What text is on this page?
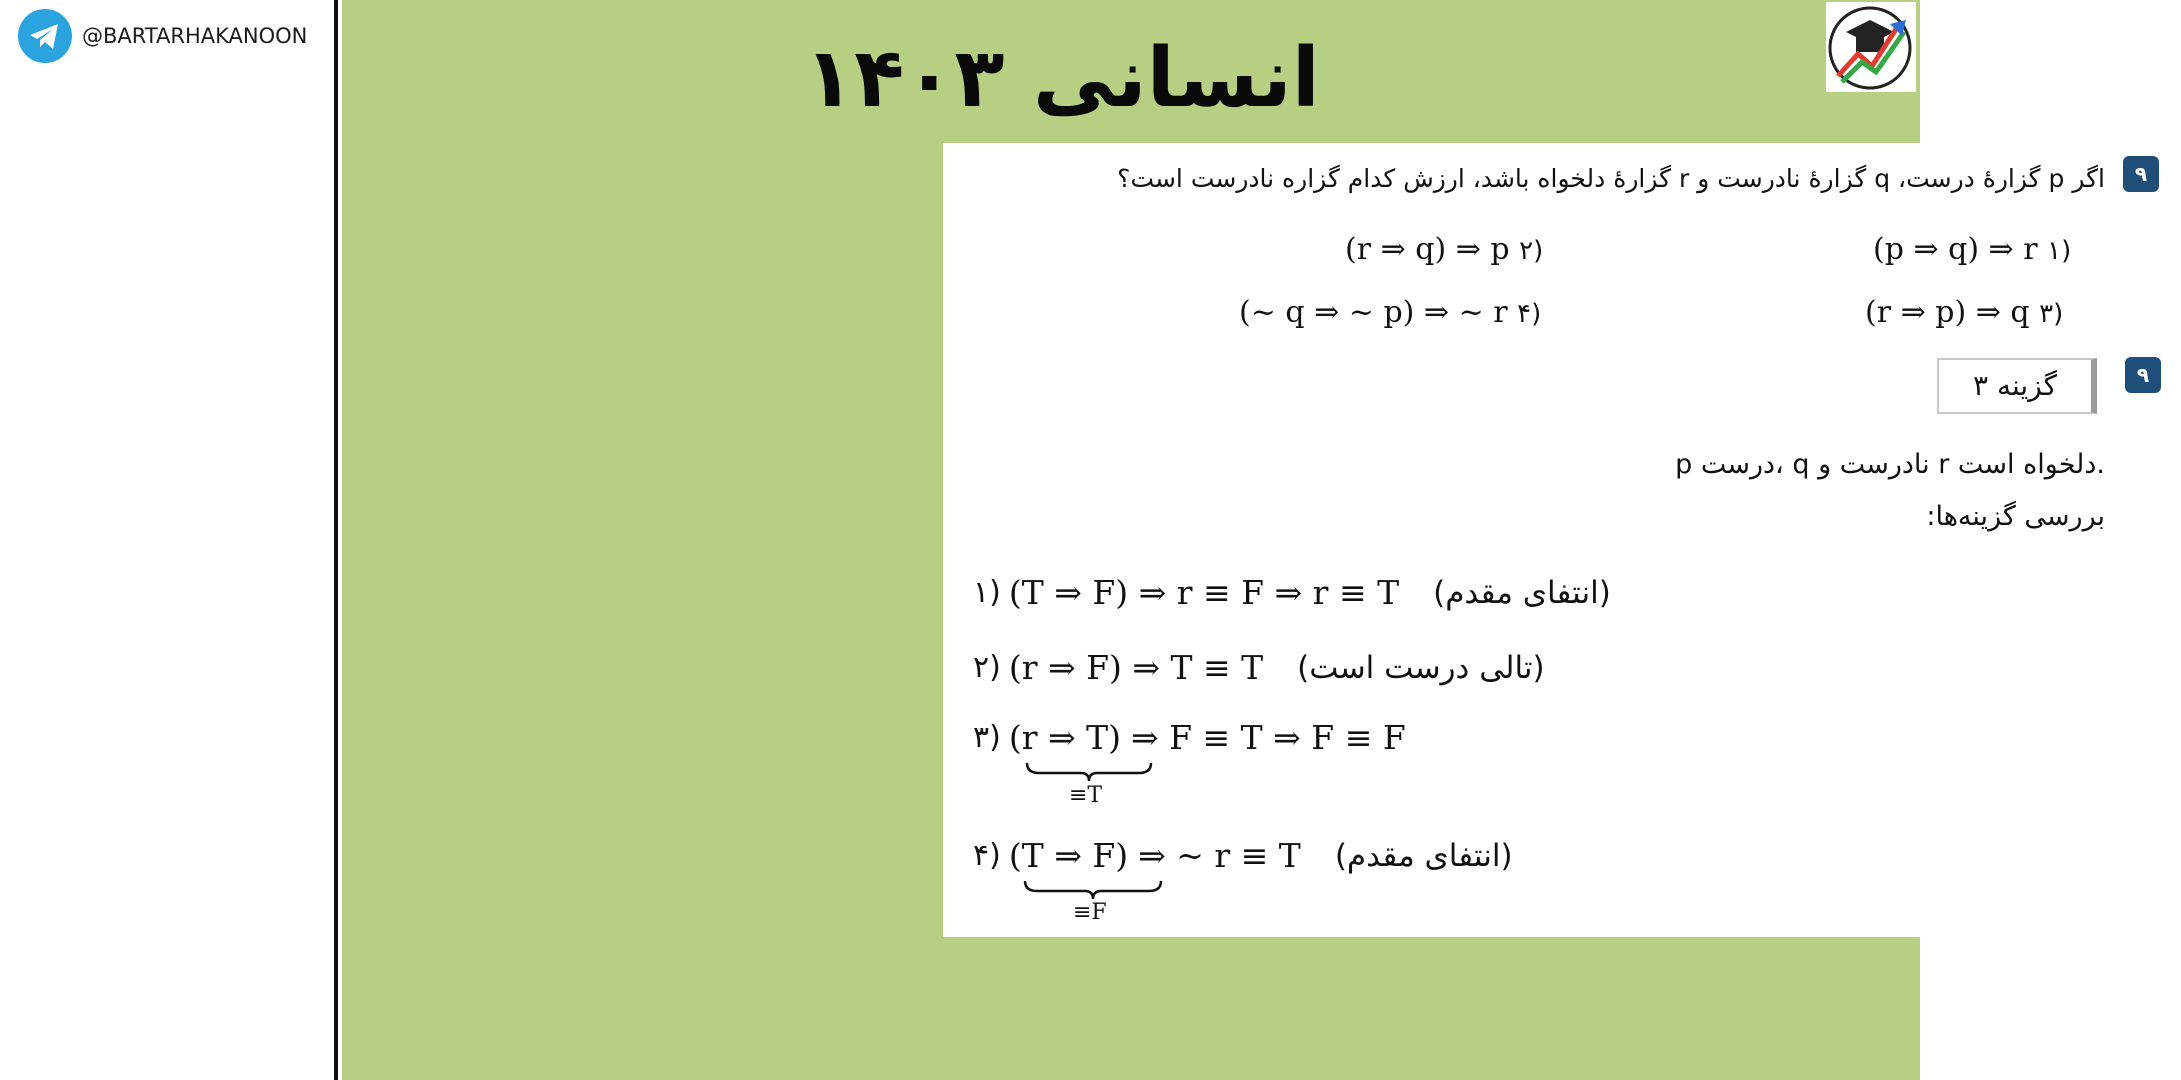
@BARTARHAKANOON	انسانی ۱۴۰۳
۹
اگر p گزارهٔ درست، q گزارهٔ نادرست و r گزارهٔ دلخواه باشد، ارزش کدام گزاره نادرست است؟
(p ⇒ q) ⇒ r ۱)
(r ⇒ q) ⇒ p ۲)
(r ⇒ p) ⇒ q ۳)
(~ q ⇒ ~ p) ⇒ ~ r ۴)
۹
گزینه ۳
p درست، q نادرست و r دلخواه است.
بررسی گزینه‌ها:
۱) (T ⇒ F) ⇒ r ≡ F ⇒ r ≡ T (انتفای مقدم)
۲) (r ⇒ F) ⇒ T ≡ T (تالی درست است)
۳) (r ⇒ T) ⇒ F ≡ T ⇒ F ≡ F
≡T
۴) (T ⇒ F) ⇒ ~ r ≡ T (انتفای مقدم)
≡F
